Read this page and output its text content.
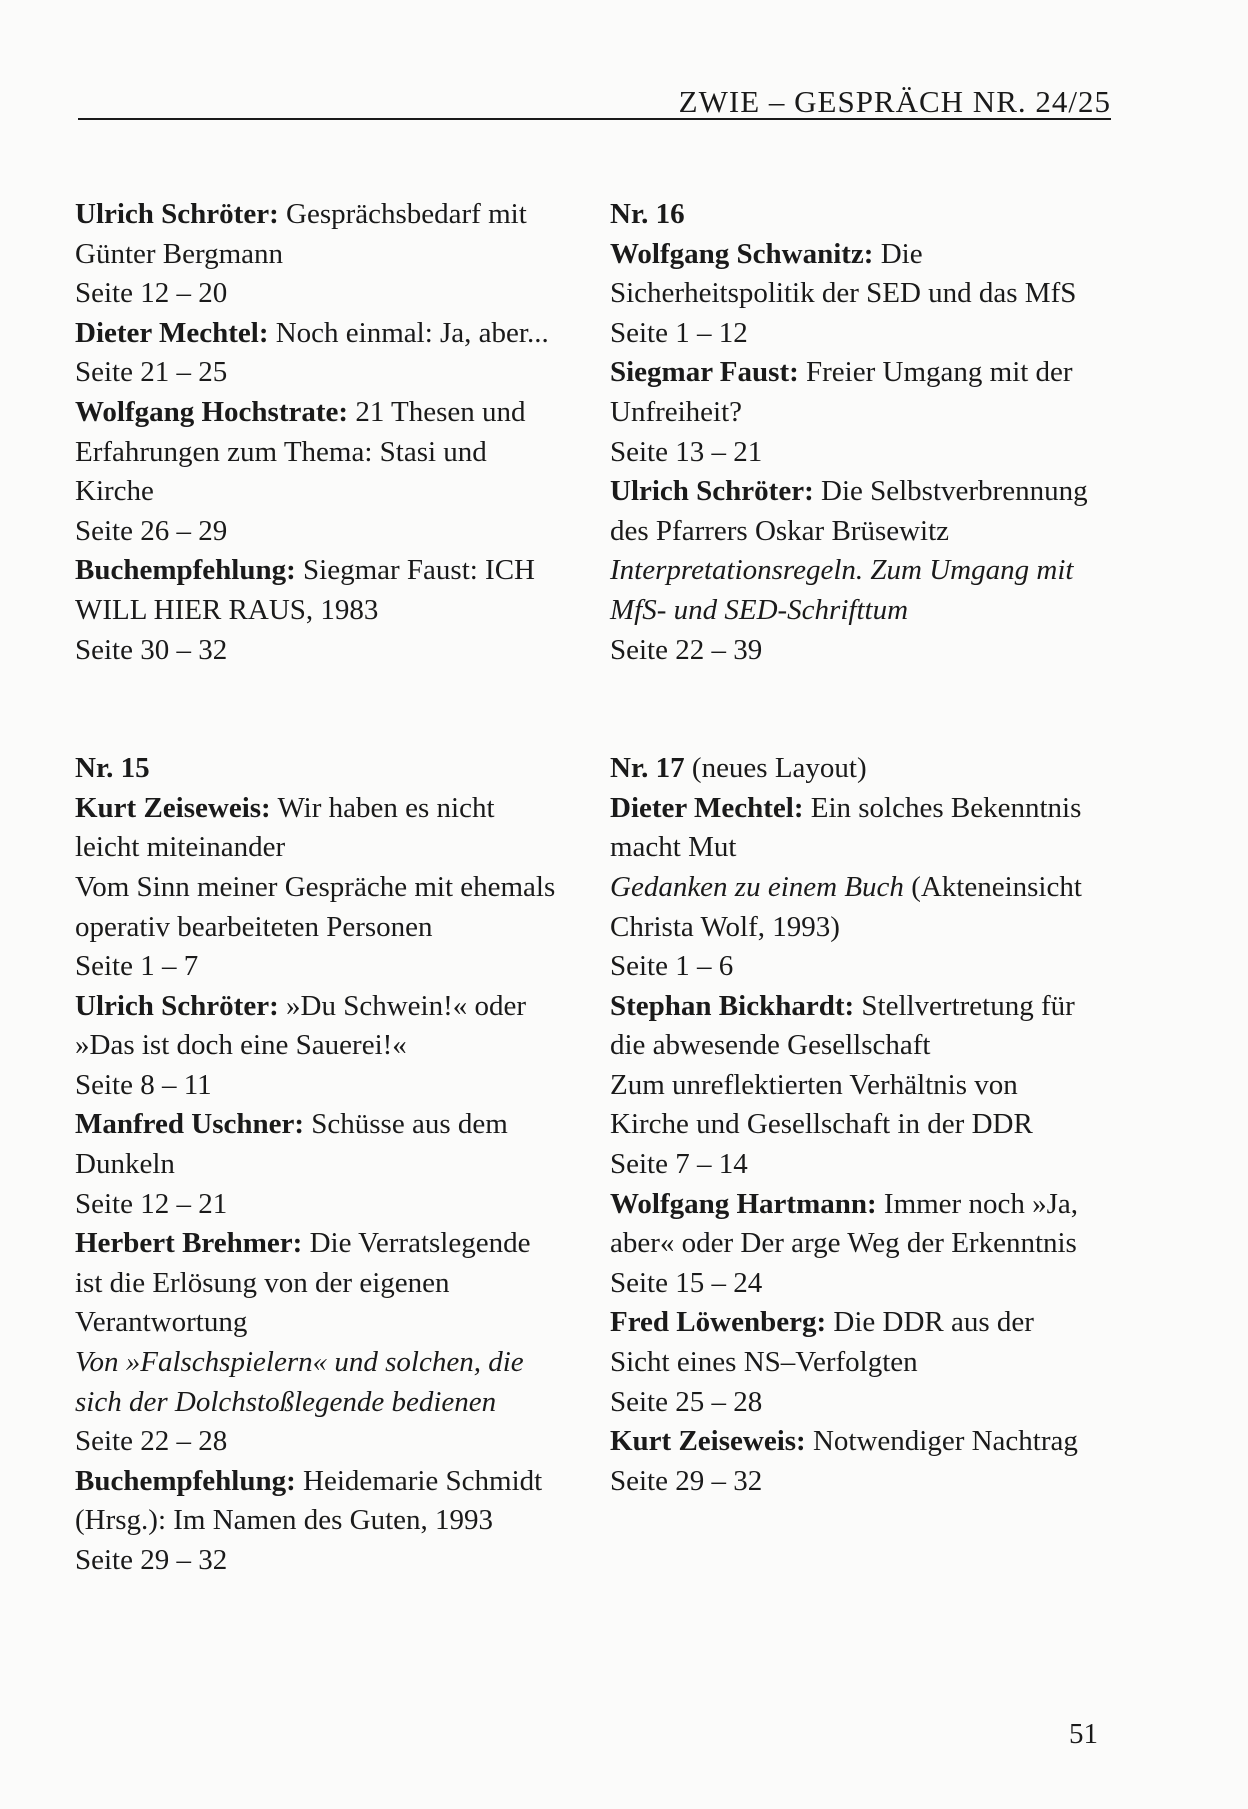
ZWIE – GESPRÄCH NR. 24/25
Ulrich Schröter: Gesprächsbedarf mit Günter Bergmann
Seite 12 – 20
Dieter Mechtel: Noch einmal: Ja, aber...
Seite 21 – 25
Wolfgang Hochstrate: 21 Thesen und Erfahrungen zum Thema: Stasi und Kirche
Seite 26 – 29
Buchempfehlung: Siegmar Faust: ICH WILL HIER RAUS, 1983
Seite 30 – 32
Nr. 15
Kurt Zeiseweis: Wir haben es nicht leicht miteinander
Vom Sinn meiner Gespräche mit ehemals operativ bearbeiteten Personen
Seite 1 – 7
Ulrich Schröter: »Du Schwein!« oder »Das ist doch eine Sauerei!«
Seite 8 – 11
Manfred Uschner: Schüsse aus dem Dunkeln
Seite 12 – 21
Herbert Brehmer: Die Verratslegende ist die Erlösung von der eigenen Verantwortung
Von »Falschspielern« und solchen, die sich der Dolchstoßlegende bedienen
Seite 22 – 28
Buchempfehlung: Heidemarie Schmidt (Hrsg.): Im Namen des Guten, 1993
Seite 29 – 32
Nr. 16
Wolfgang Schwanitz: Die Sicherheitspolitik der SED und das MfS
Seite 1 – 12
Siegmar Faust: Freier Umgang mit der Unfreiheit?
Seite 13 – 21
Ulrich Schröter: Die Selbstverbrennung des Pfarrers Oskar Brüsewitz
Interpretationsregeln. Zum Umgang mit MfS- und SED-Schrifttum
Seite 22 – 39
Nr. 17 (neues Layout)
Dieter Mechtel: Ein solches Bekenntnis macht Mut
Gedanken zu einem Buch (Akteneinsicht Christa Wolf, 1993)
Seite 1 – 6
Stephan Bickhardt: Stellvertretung für die abwesende Gesellschaft
Zum unreflektierten Verhältnis von Kirche und Gesellschaft in der DDR
Seite 7 – 14
Wolfgang Hartmann: Immer noch »Ja, aber« oder Der arge Weg der Erkenntnis
Seite 15 – 24
Fred Löwenberg: Die DDR aus der Sicht eines NS–Verfolgten
Seite 25 – 28
Kurt Zeiseweis: Notwendiger Nachtrag
Seite 29 – 32
51
